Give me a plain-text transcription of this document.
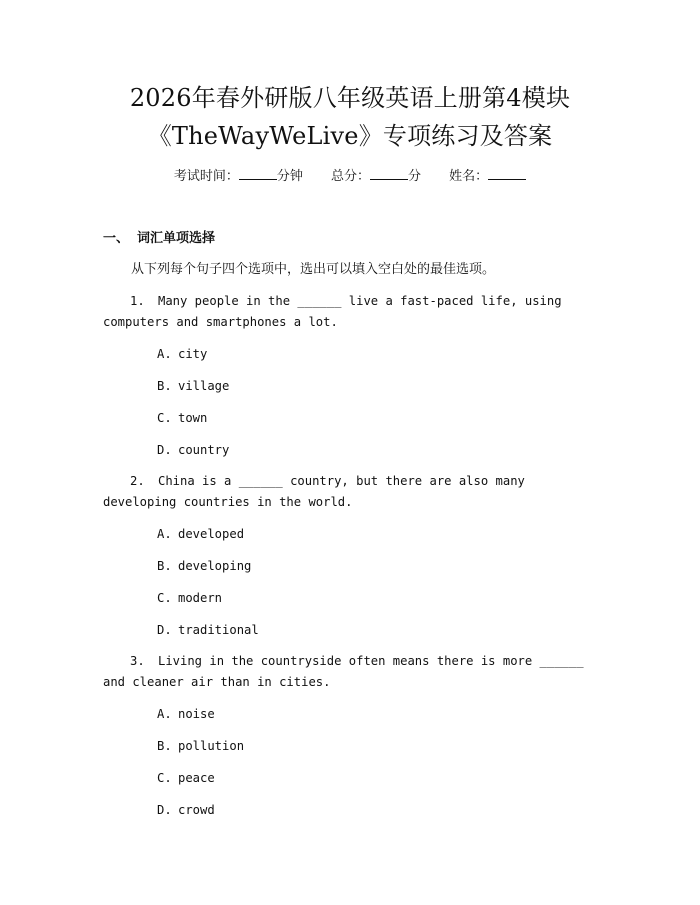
2026年春外研版八年级英语上册第4模块
《TheWayWeLive》专项练习及答案
考试时间：	分钟 总分：	分 姓名：
一、 词汇单项选择
从下列每个句子四个选项中，选出可以填入空白处的最佳选项。
1. Many people in the ______ live a fast-paced life, using computers and smartphones a lot.
A. city
B. village
C. town
D. country
2. China is a ______ country, but there are also many developing countries in the world.
A. developed
B. developing
C. modern
D. traditional
3. Living in the countryside often means there is more ______ and cleaner air than in cities.
A. noise
B. pollution
C. peace
D. crowd
